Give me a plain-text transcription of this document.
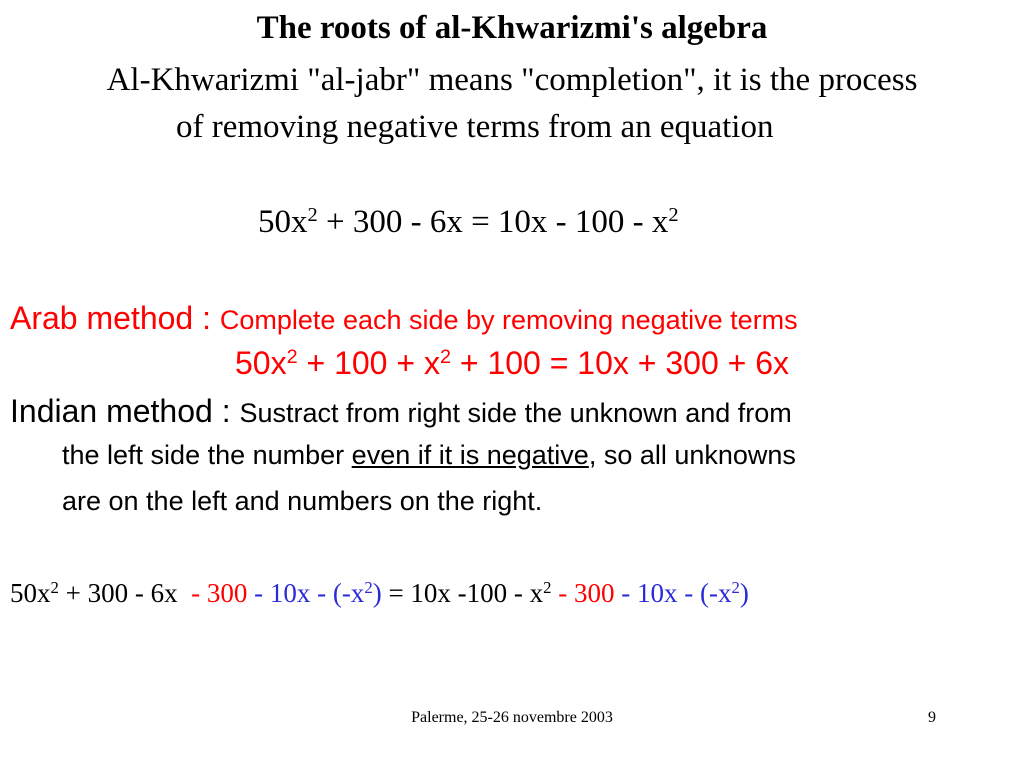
The roots of al-Khwarizmi's algebra
Al-Khwarizmi "al-jabr" means "completion", it is the process
of removing negative terms from an equation
$50x^2 + 300 - 6x = 10x - 100 - x^2$
Arab method : Complete each side by removing negative terms
$50x^2 + 100 + x^2 + 100 = 10x + 300 + 6x$
Indian method : Sustract from right side the unknown and from
the left side the number even if it is negative, so all unknowns
are on the left and numbers on the right.
$50x^2 + 300 - 6x - 300 - 10x - (-x^2) = 10x$ $-100 - x^2 - 300 - 10x - (-x^2)$
Palerme, 25-26 novembre 2003	9
